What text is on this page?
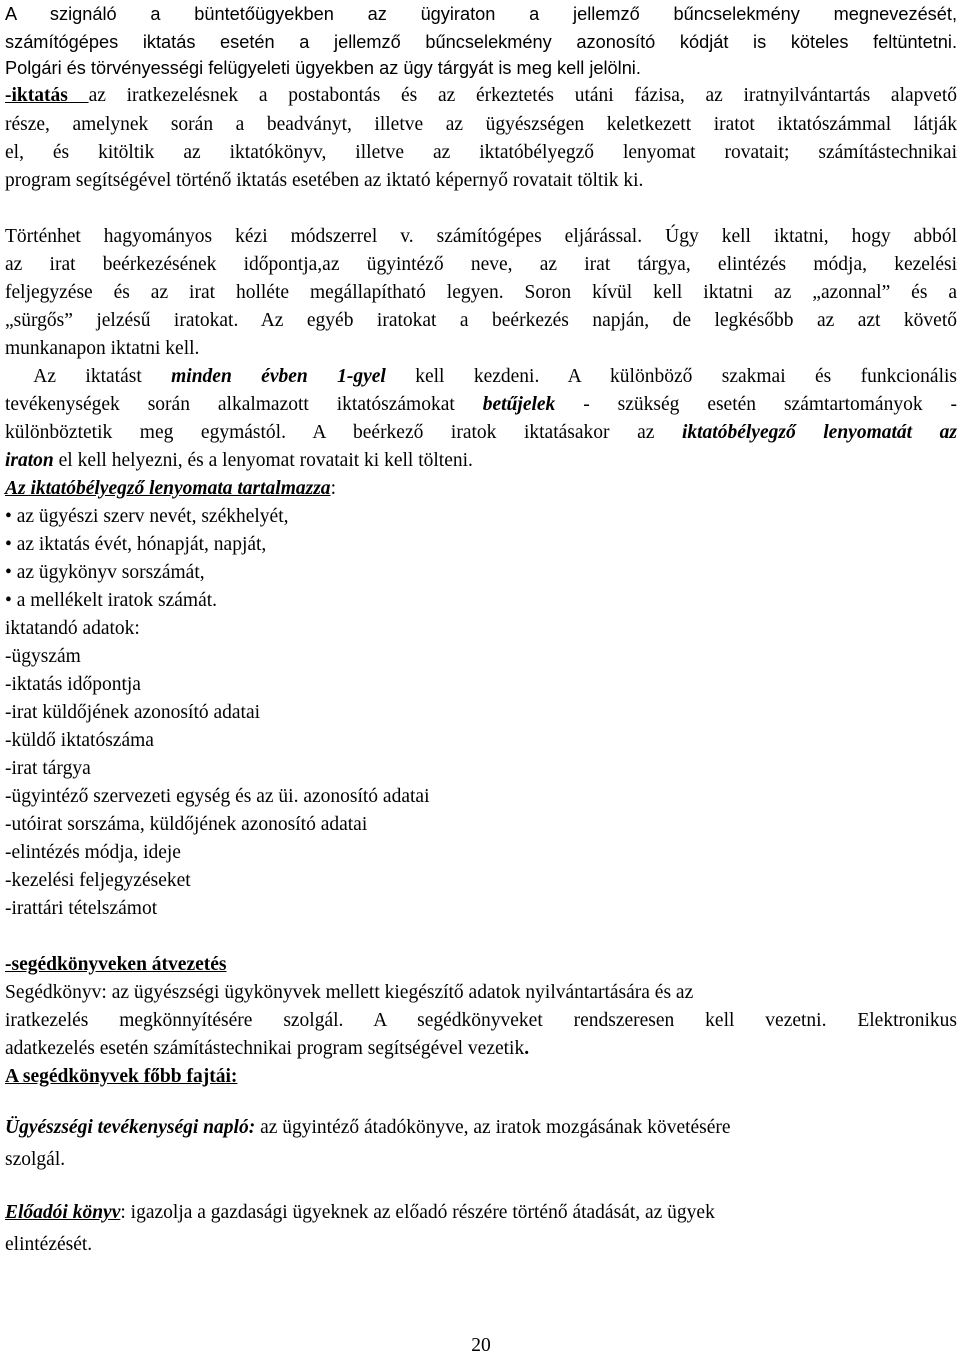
A szignáló a büntetőügyekben az ügyiraton a jellemző bűncselekmény megnevezését,

számítógépes iktatás esetén a jellemző bűncselekmény azonosító kódját is köteles feltüntetni.

Polgári és törvényességi felügyeleti ügyekben az ügy tárgyát is meg kell jelölni.

-iktatás az iratkezelésnek a postabontás és az érkeztetés utáni fázisa, az iratnyilvántartás alapvető

része, amelynek során a beadványt, illetve az ügyészségen keletkezett iratot iktatószámmal látják

el, és kitöltik az iktatókönyv, illetve az iktatóbélyegző lenyomat rovatait; számítástechnikai

program segítségével történő iktatás esetében az iktató képernyő rovatait töltik ki.

Történhet hagyományos kézi módszerrel v. számítógépes eljárással. Úgy kell iktatni, hogy abból

az irat beérkezésének időpontja,az ügyintéző neve, az irat tárgya, elintézés módja, kezelési

feljegyzése és az irat holléte megállapítható legyen. Soron kívül kell iktatni az „azonnal” és a

„sürgős” jelzésű iratokat. Az egyéb iratokat a beérkezés napján, de legkésőbb az azt követő

munkanapon iktatni kell.

Az iktatást minden évben 1-gyel kell kezdeni. A különböző szakmai és funkcionális

tevékenységek során alkalmazott iktatószámokat betűjelek - szükség esetén számtartományok -

különböztetik meg egymástól. A beérkező iratok iktatásakor az iktatóbélyegző lenyomatát az

iraton el kell helyezni, és a lenyomat rovatait ki kell tölteni.

Az iktatóbélyegző lenyomata tartalmazza:

• az ügyészi szerv nevét, székhelyét,

• az iktatás évét, hónapját, napját,

• az ügykönyv sorszámát,

• a mellékelt iratok számát.

iktatandó adatok:

-ügyszám

-iktatás időpontja

-irat küldőjének azonosító adatai

-küldő iktatószáma

-irat tárgya

-ügyintéző szervezeti egység és az üi. azonosító adatai

-utóirat sorszáma, küldőjének azonosító adatai

-elintézés módja, ideje

-kezelési feljegyzéseket

-irattári tételszámot

-segédkönyveken átvezetés

Segédkönyv: az ügyészségi ügykönyvek mellett kiegészítő adatok nyilvántartására és az

iratkezelés megkönnyítésére szolgál. A segédkönyveket rendszeresen kell vezetni. Elektronikus

adatkezelés esetén számítástechnikai program segítségével vezetik.

A segédkönyvek főbb fajtái:

Ügyészségi tevékenységi napló: az ügyintéző átadókönyve, az iratok mozgásának követésére

szolgál.

Előadói könyv: igazolja a gazdasági ügyeknek az előadó részére történő átadását, az ügyek

elintézését.

20
